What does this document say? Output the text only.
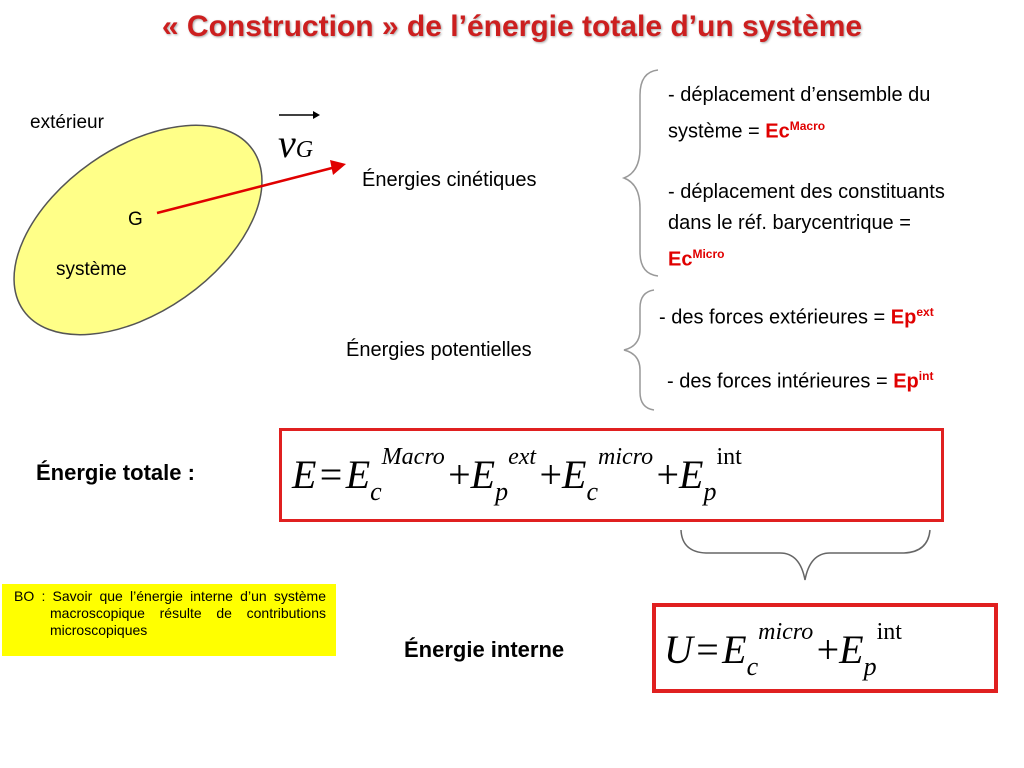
« Construction » de l’énergie totale d’un système
extérieur
G
système
vG
Énergies cinétiques
- déplacement d’ensemble du
système = $Ec^{Macro}$
- déplacement des constituants
dans le réf. barycentrique =
$Ec^{Micro}$
Énergies potentielles
- des forces extérieures = $Ep^{ext}$
- des forces intérieures = $Ep^{int}$
Énergie totale : E = $E_c^{Macro}$ $+E_p^{ext}$ $+E_c^{micro}$ $+E_p^{int}$
BO : Savoir que l’énergie interne d’un système macroscopique résulte de contributions microscopiques
Énergie interne U = $E_c^{micro}$ $+E_p^{int}$
